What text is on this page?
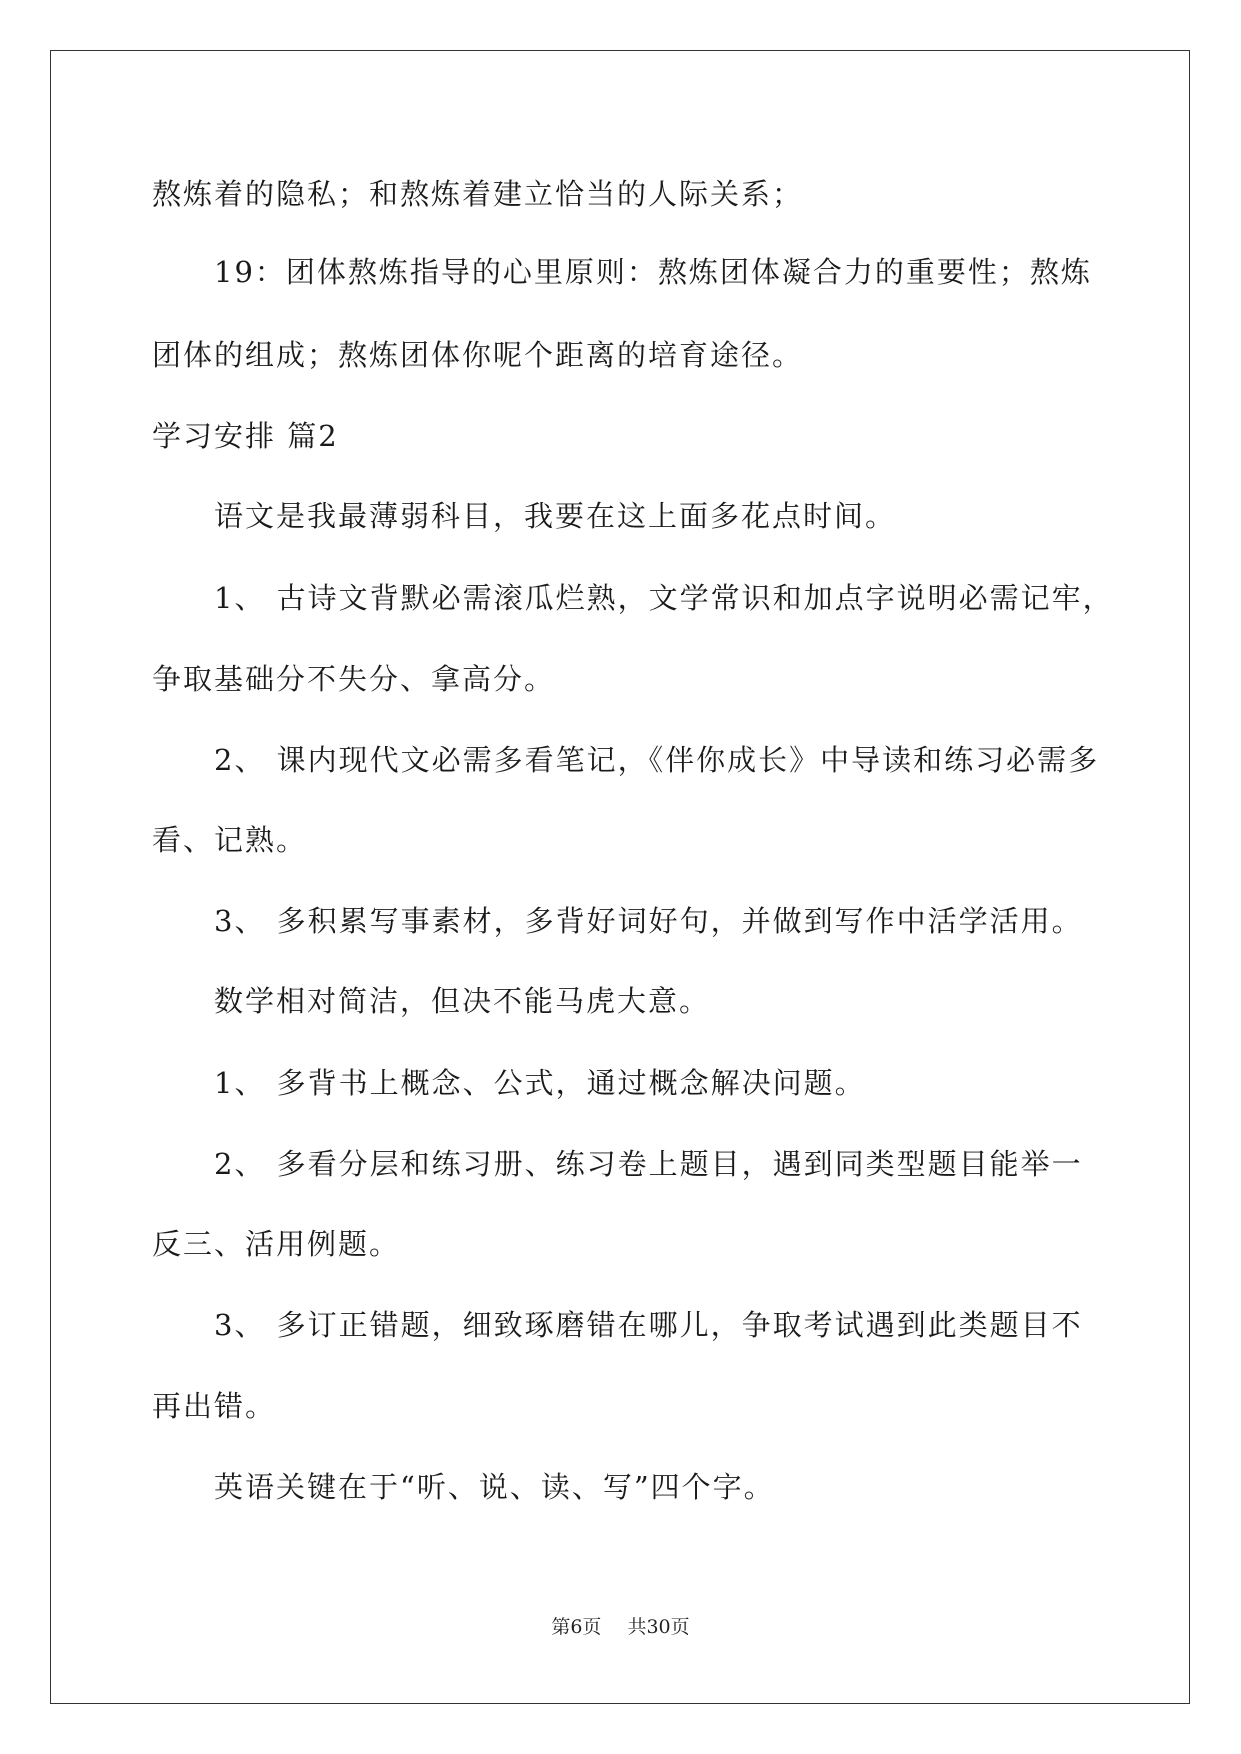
熬炼着的隐私；和熬炼着建立恰当的人际关系；
19：团体熬炼指导的心里原则：熬炼团体凝合力的重要性；熬炼
团体的组成；熬炼团体你呢个距离的培育途径。
学习安排 篇2
语文是我最薄弱科目，我要在这上面多花点时间。
1、 古诗文背默必需滚瓜烂熟，文学常识和加点字说明必需记牢，
争取基础分不失分、拿高分。
2、 课内现代文必需多看笔记，《伴你成长》中导读和练习必需多
看、记熟。
3、 多积累写事素材，多背好词好句，并做到写作中活学活用。
数学相对简洁，但决不能马虎大意。
1、 多背书上概念、公式，通过概念解决问题。
2、 多看分层和练习册、练习卷上题目，遇到同类型题目能举一
反三、活用例题。
3、 多订正错题，细致琢磨错在哪儿，争取考试遇到此类题目不
再出错。
英语关键在于“听、说、读、写”四个字。
第6页 共30页
